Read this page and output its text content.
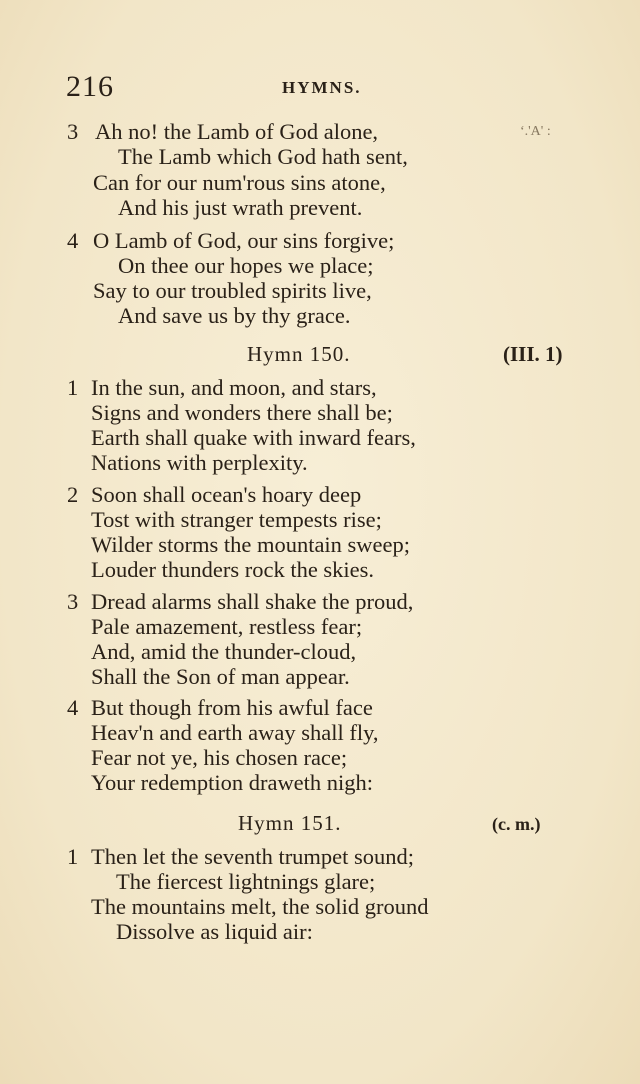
216	HYMNS.
‘.'A' :
3 Ah no! the Lamb of God alone,
The Lamb which God hath sent,
Can for our num'rous sins atone,
And his just wrath prevent.
4 O Lamb of God, our sins forgive;
On thee our hopes we place;
Say to our troubled spirits live,
And save us by thy grace.
Hymn 150.	(III. 1)
1 In the sun, and moon, and stars,
Signs and wonders there shall be;
Earth shall quake with inward fears,
Nations with perplexity.
2 Soon shall ocean's hoary deep
Tost with stranger tempests rise;
Wilder storms the mountain sweep;
Louder thunders rock the skies.
3 Dread alarms shall shake the proud,
Pale amazement, restless fear;
And, amid the thunder-cloud,
Shall the Son of man appear.
4 But though from his awful face
Heav'n and earth away shall fly,
Fear not ye, his chosen race;
Your redemption draweth nigh:
Hymn 151.	(c. m.)
1 Then let the seventh trumpet sound;
The fiercest lightnings glare;
The mountains melt, the solid ground
Dissolve as liquid air:
